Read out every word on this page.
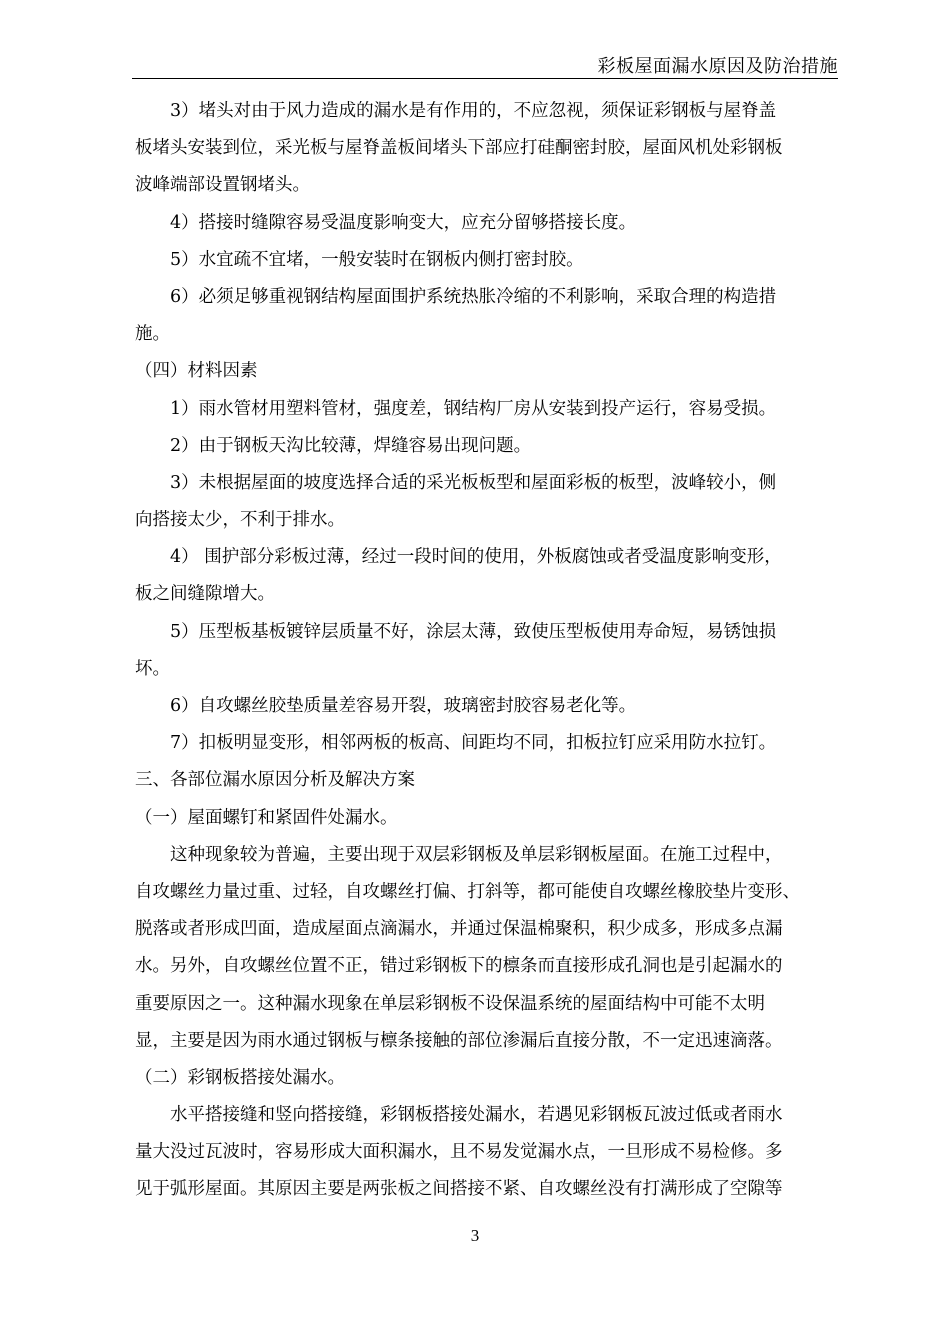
彩板屋面漏水原因及防治措施
3）堵头对由于风力造成的漏水是有作用的，不应忽视，须保证彩钢板与屋脊盖
板堵头安装到位，采光板与屋脊盖板间堵头下部应打硅酮密封胶，屋面风机处彩钢板
波峰端部设置钢堵头。
4）搭接时缝隙容易受温度影响变大，应充分留够搭接长度。
5）水宜疏不宜堵，一般安装时在钢板内侧打密封胶。
6）必须足够重视钢结构屋面围护系统热胀冷缩的不利影响，采取合理的构造措
施。
（四）材料因素
1）雨水管材用塑料管材，强度差，钢结构厂房从安装到投产运行，容易受损。
2）由于钢板天沟比较薄，焊缝容易出现问题。
3）未根据屋面的坡度选择合适的采光板板型和屋面彩板的板型，波峰较小，侧
向搭接太少，不利于排水。
4） 围护部分彩板过薄，经过一段时间的使用，外板腐蚀或者受温度影响变形，
板之间缝隙增大。
5）压型板基板镀锌层质量不好，涂层太薄，致使压型板使用寿命短，易锈蚀损
坏。
6）自攻螺丝胶垫质量差容易开裂，玻璃密封胶容易老化等。
7）扣板明显变形，相邻两板的板高、间距均不同，扣板拉钉应采用防水拉钉。
三、各部位漏水原因分析及解决方案
（一）屋面螺钉和紧固件处漏水。
这种现象较为普遍，主要出现于双层彩钢板及单层彩钢板屋面。在施工过程中，
自攻螺丝力量过重、过轻，自攻螺丝打偏、打斜等，都可能使自攻螺丝橡胶垫片变形、
脱落或者形成凹面，造成屋面点滴漏水，并通过保温棉聚积，积少成多，形成多点漏
水。另外，自攻螺丝位置不正，错过彩钢板下的檩条而直接形成孔洞也是引起漏水的
重要原因之一。这种漏水现象在单层彩钢板不设保温系统的屋面结构中可能不太明
显，主要是因为雨水通过钢板与檩条接触的部位渗漏后直接分散，不一定迅速滴落。
（二）彩钢板搭接处漏水。
水平搭接缝和竖向搭接缝，彩钢板搭接处漏水，若遇见彩钢板瓦波过低或者雨水
量大没过瓦波时，容易形成大面积漏水，且不易发觉漏水点，一旦形成不易检修。多
见于弧形屋面。其原因主要是两张板之间搭接不紧、自攻螺丝没有打满形成了空隙等
3
